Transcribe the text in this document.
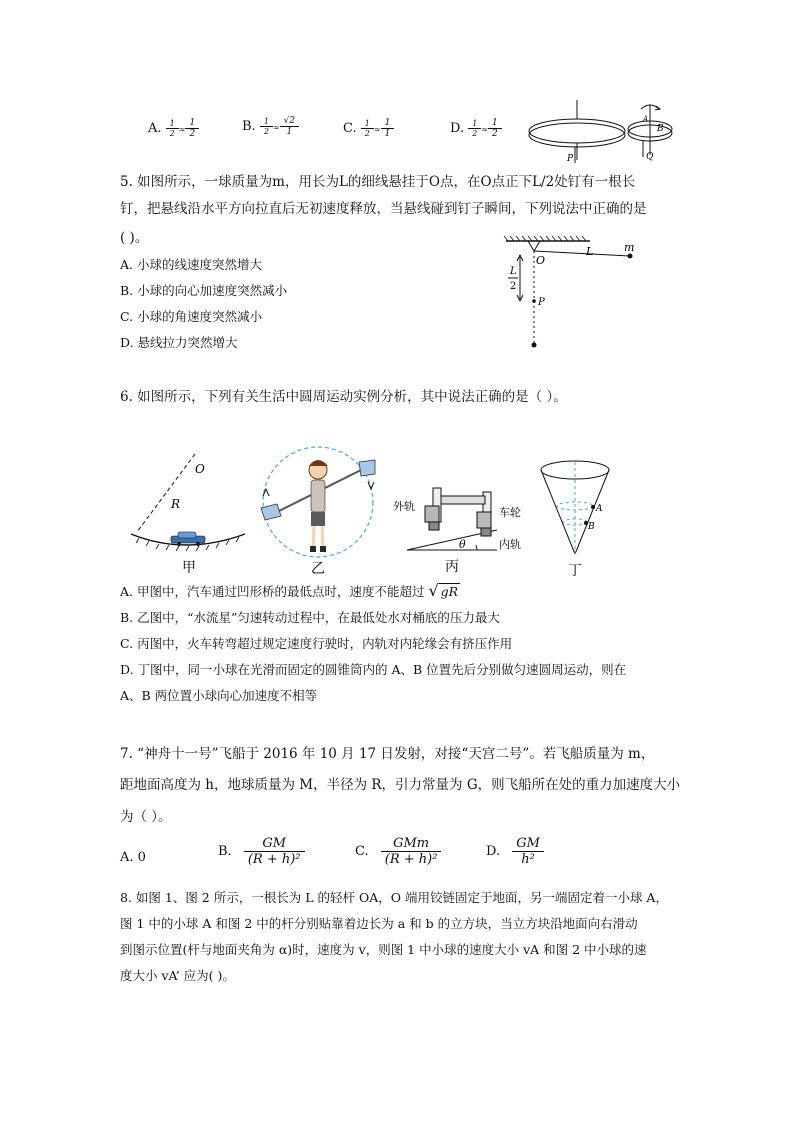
A. $\frac{1}{2} \approx \frac{1}{2}$	B. $\frac{1}{2} \approx \frac{√2}{1}$	C. $\frac{1}{2} \approx \frac{1}{1}$	D. $\frac{1}{2} \approx \frac{1}{2}$
P	Q
A
B
5. 如图所示，一球质量为m，用长为L的细线悬挂于O点，在O点正下L/2处钉有一根长
钉，把悬线沿水平方向拉直后无初速度释放，当悬线碰到钉子瞬间，下列说法中正确的是
( )。
A. 小球的线速度突然增大
B. 小球的向心加速度突然减小
C. 小球的角速度突然减小
D. 悬线拉力突然增大
O
L	m
L
2
P
6. 如图所示，下列有关生活中圆周运动实例分析，其中说法正确的是（ ）。
O
R
甲	乙
外轨	车轮
内轨
θ
丙
A
B
丁
A. 甲图中，汽车通过凹形桥的最低点时，速度不能超过 √ gR
B. 乙图中，“水流星”匀速转动过程中，在最低处水对桶底的压力最大
C. 丙图中，火车转弯超过规定速度行驶时，内轨对内轮缘会有挤压作用
D. 丁图中，同一小球在光滑而固定的圆锥筒内的 A、B 位置先后分别做匀速圆周运动，则在
A、B 两位置小球向心加速度不相等
7. “神舟十一号”飞船于 2016 年 10 月 17 日发射，对接“天宫二号”。若飞船质量为 m，
距地面高度为 h，地球质量为 M，半径为 R，引力常量为 G，则飞船所在处的重力加速度大小
为（ ）。
A. 0	B. $\frac{GM}{\text{(R + h)²}}$	C. $\frac{\text{GMm}}{\text{(R + h)²}}$	D. $\frac{GM}{\text{h²}}$
8. 如图 1、图 2 所示，一根长为 L 的轻杆 OA，O 端用铰链固定于地面，另一端固定着一小球 A，
图 1 中的小球 A 和图 2 中的杆分别贴靠着边长为 a 和 b 的立方块，当立方块沿地面向右滑动
到图示位置(杆与地面夹角为 α)时，速度为 v，则图 1 中小球的速度大小 vA 和图 2 中小球的速
度大小 vA’ 应为( )。
